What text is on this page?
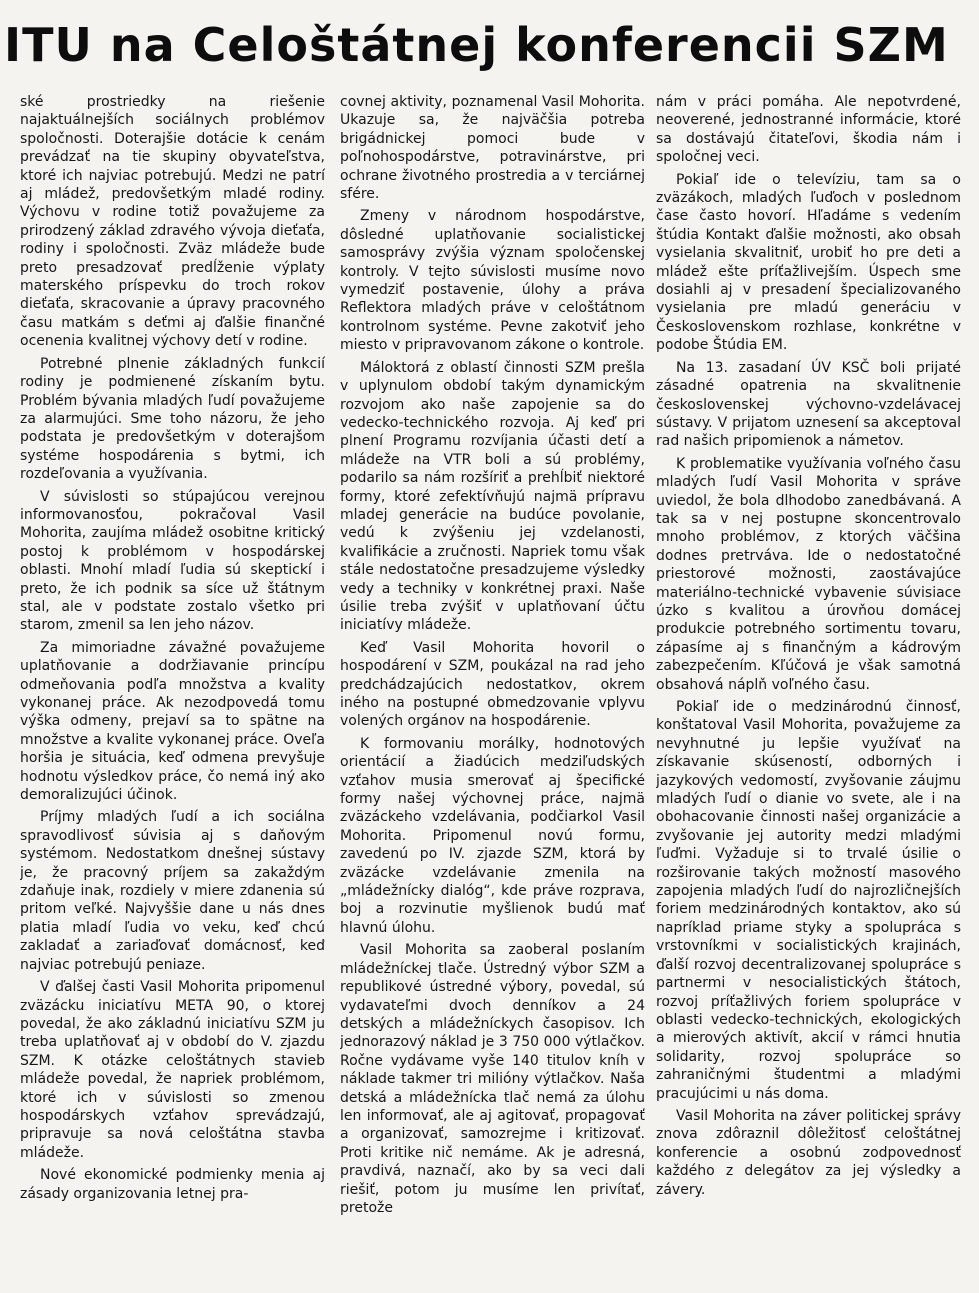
ITU na Celoštátnej konferencii SZM

ské prostriedky na riešenie najaktuálnejších sociálnych problémov spoločnosti. Doterajšie dotácie k cenám prevádzať na tie skupiny obyvateľstva, ktoré ich najviac potrebujú. Medzi ne patrí aj mládež, predovšetkým mladé rodiny. Výchovu v rodine totiž považujeme za prirodzený základ zdravého vývoja dieťaťa, rodiny i spoločnosti. Zväz mládeže bude preto presadzovať predĺženie výplaty materského príspevku do troch rokov dieťaťa, skracovanie a úpravy pracovného času matkám s deťmi aj ďalšie finančné ocenenia kvalitnej výchovy detí v rodine.

Potrebné plnenie základných funkcií rodiny je podmienené získaním bytu. Problém bývania mladých ľudí považujeme za alarmujúci. Sme toho názoru, že jeho podstata je predovšetkým v doterajšom systéme hospodárenia s bytmi, ich rozdeľovania a využívania.

V súvislosti so stúpajúcou verejnou informovanosťou, pokračoval Vasil Mohorita, zaujíma mládež osobitne kritický postoj k problémom v hospodárskej oblasti. Mnohí mladí ľudia sú skeptickí i preto, že ich podnik sa síce už štátnym stal, ale v podstate zostalo všetko pri starom, zmenil sa len jeho názov.

Za mimoriadne závažné považujeme uplatňovanie a dodržiavanie princípu odmeňovania podľa množstva a kvality vykonanej práce. Ak nezodpovedá tomu výška odmeny, prejaví sa to spätne na množstve a kvalite vykonanej práce. Oveľa horšia je situácia, keď odmena prevyšuje hodnotu výsledkov práce, čo nemá iný ako demoralizujúci účinok.

Príjmy mladých ľudí a ich sociálna spravodlivosť súvisia aj s daňovým systémom. Nedostatkom dnešnej sústavy je, že pracovný príjem sa zakaždým zdaňuje inak, rozdiely v miere zdanenia sú pritom veľké. Najvyššie dane u nás dnes platia mladí ľudia vo veku, keď chcú zakladať a zariaďovať domácnosť, keď najviac potrebujú peniaze.

V ďalšej časti Vasil Mohorita pripomenul zväzácku iniciatívu META 90, o ktorej povedal, že ako základnú iniciatívu SZM ju treba uplatňovať aj v období do V. zjazdu SZM. K otázke celoštátnych stavieb mládeže povedal, že napriek problémom, ktoré ich v súvislosti so zmenou hospodárskych vzťahov sprevádzajú, pripravuje sa nová celoštátna stavba mládeže.

Nové ekonomické podmienky menia aj zásady organizovania letnej pra-

covnej aktivity, poznamenal Vasil Mohorita. Ukazuje sa, že najväčšia potreba brigádnickej pomoci bude v poľnohospodárstve, potravinárstve, pri ochrane životného prostredia a v terciárnej sfére.

Zmeny v národnom hospodárstve, dôsledné uplatňovanie socialistickej samosprávy zvýšia význam spoločenskej kontroly. V tejto súvislosti musíme novo vymedziť postavenie, úlohy a práva Reflektora mladých práve v celoštátnom kontrolnom systéme. Pevne zakotviť jeho miesto v pripravovanom zákone o kontrole.

Máloktorá z oblastí činnosti SZM prešla v uplynulom období takým dynamickým rozvojom ako naše zapojenie sa do vedecko-technického rozvoja. Aj keď pri plnení Programu rozvíjania účasti detí a mládeže na VTR boli a sú problémy, podarilo sa nám rozšíriť a prehĺbiť niektoré formy, ktoré zefektívňujú najmä prípravu mladej generácie na budúce povolanie, vedú k zvýšeniu jej vzdelanosti, kvalifikácie a zručnosti. Napriek tomu však stále nedostatočne presadzujeme výsledky vedy a techniky v konkrétnej praxi. Naše úsilie treba zvýšiť v uplatňovaní účtu iniciatívy mládeže.

Keď Vasil Mohorita hovoril o hospodárení v SZM, poukázal na rad jeho predchádzajúcich nedostatkov, okrem iného na postupné obmedzovanie vplyvu volených orgánov na hospodárenie.

K formovaniu morálky, hodnotových orientácií a žiadúcich medziľudských vzťahov musia smerovať aj špecifické formy našej výchovnej práce, najmä zväzáckeho vzdelávania, podčiarkol Vasil Mohorita. Pripomenul novú formu, zavedenú po IV. zjazde SZM, ktorá by zväzácke vzdelávanie zmenila na „mládežnícky dialóg“, kde práve rozprava, boj a rozvinutie myšlienok budú mať hlavnú úlohu.

Vasil Mohorita sa zaoberal poslaním mládežníckej tlače. Ústredný výbor SZM a republikové ústredné výbory, povedal, sú vydavateľmi dvoch denníkov a 24 detských a mládežníckych časopisov. Ich jednorazový náklad je 3 750 000 výtlačkov. Ročne vydávame vyše 140 titulov kníh v náklade takmer tri milióny výtlačkov. Naša detská a mládežnícka tlač nemá za úlohu len informovať, ale aj agitovať, propagovať a organizovať, samozrejme i kritizovať. Proti kritike nič nemáme. Ak je adresná, pravdivá, naznačí, ako by sa veci dali riešiť, potom ju musíme len privítať, pretože

nám v práci pomáha. Ale nepotvrdené, neoverené, jednostranné informácie, ktoré sa dostávajú čitateľovi, škodia nám i spoločnej veci.

Pokiaľ ide o televíziu, tam sa o zväzákoch, mladých ľuďoch v poslednom čase často hovorí. Hľadáme s vedením štúdia Kontakt ďalšie možnosti, ako obsah vysielania skvalitniť, urobiť ho pre deti a mládež ešte príťažlivejším. Úspech sme dosiahli aj v presadení špecializovaného vysielania pre mladú generáciu v Československom rozhlase, konkrétne v podobe Štúdia EM.

Na 13. zasadaní ÚV KSČ boli prijaté zásadné opatrenia na skvalitnenie československej výchovno-vzdelávacej sústavy. V prijatom uznesení sa akceptoval rad našich pripomienok a námetov.

K problematike využívania voľného času mladých ľudí Vasil Mohorita v správe uviedol, že bola dlhodobo zanedbávaná. A tak sa v nej postupne skoncentrovalo mnoho problémov, z ktorých väčšina dodnes pretrváva. Ide o nedostatočné priestorové možnosti, zaostávajúce materiálno-technické vybavenie súvisiace úzko s kvalitou a úrovňou domácej produkcie potrebného sortimentu tovaru, zápasíme aj s finančným a kádrovým zabezpečením. Kľúčová je však samotná obsahová náplň voľného času.

Pokiaľ ide o medzinárodnú činnosť, konštatoval Vasil Mohorita, považujeme za nevyhnutné ju lepšie využívať na získavanie skúseností, odborných i jazykových vedomostí, zvyšovanie záujmu mladých ľudí o dianie vo svete, ale i na obohacovanie činnosti našej organizácie a zvyšovanie jej autority medzi mladými ľuďmi. Vyžaduje si to trvalé úsilie o rozširovanie takých možností masového zapojenia mladých ľudí do najrozličnejších foriem medzinárodných kontaktov, ako sú napríklad priame styky a spolupráca s vrstovníkmi v socialistických krajinách, ďalší rozvoj decentralizovanej spolupráce s partnermi v nesocialistických štátoch, rozvoj príťažlivých foriem spolupráce v oblasti vedecko-technických, ekologických a mierových aktivít, akcií v rámci hnutia solidarity, rozvoj spolupráce so zahraničnými študentmi a mladými pracujúcimi u nás doma.

Vasil Mohorita na záver politickej správy znova zdôraznil dôležitosť celoštátnej konferencie a osobnú zodpovednosť každého z delegátov za jej výsledky a závery.
